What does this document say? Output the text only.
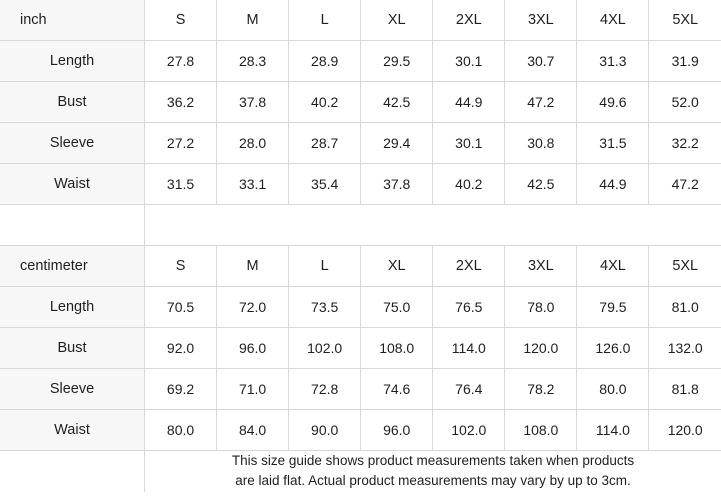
inch	S	M	L	XL	2XL	3XL	4XL	5XL
Length	27.8	28.3	28.9	29.5	30.1	30.7	31.3	31.9
Bust	36.2	37.8	40.2	42.5	44.9	47.2	49.6	52.0
Sleeve	27.2	28.0	28.7	29.4	30.1	30.8	31.5	32.2
Waist	31.5	33.1	35.4	37.8	40.2	42.5	44.9	47.2

centimeter	S	M	L	XL	2XL	3XL	4XL	5XL
Length	70.5	72.0	73.5	75.0	76.5	78.0	79.5	81.0
Bust	92.0	96.0	102.0	108.0	114.0	120.0	126.0	132.0
Sleeve	69.2	71.0	72.8	74.6	76.4	78.2	80.0	81.8
Waist	80.0	84.0	90.0	96.0	102.0	108.0	114.0	120.0

	This size guide shows product measurements taken when products
are laid flat. Actual product measurements may vary by up to 3cm.							
